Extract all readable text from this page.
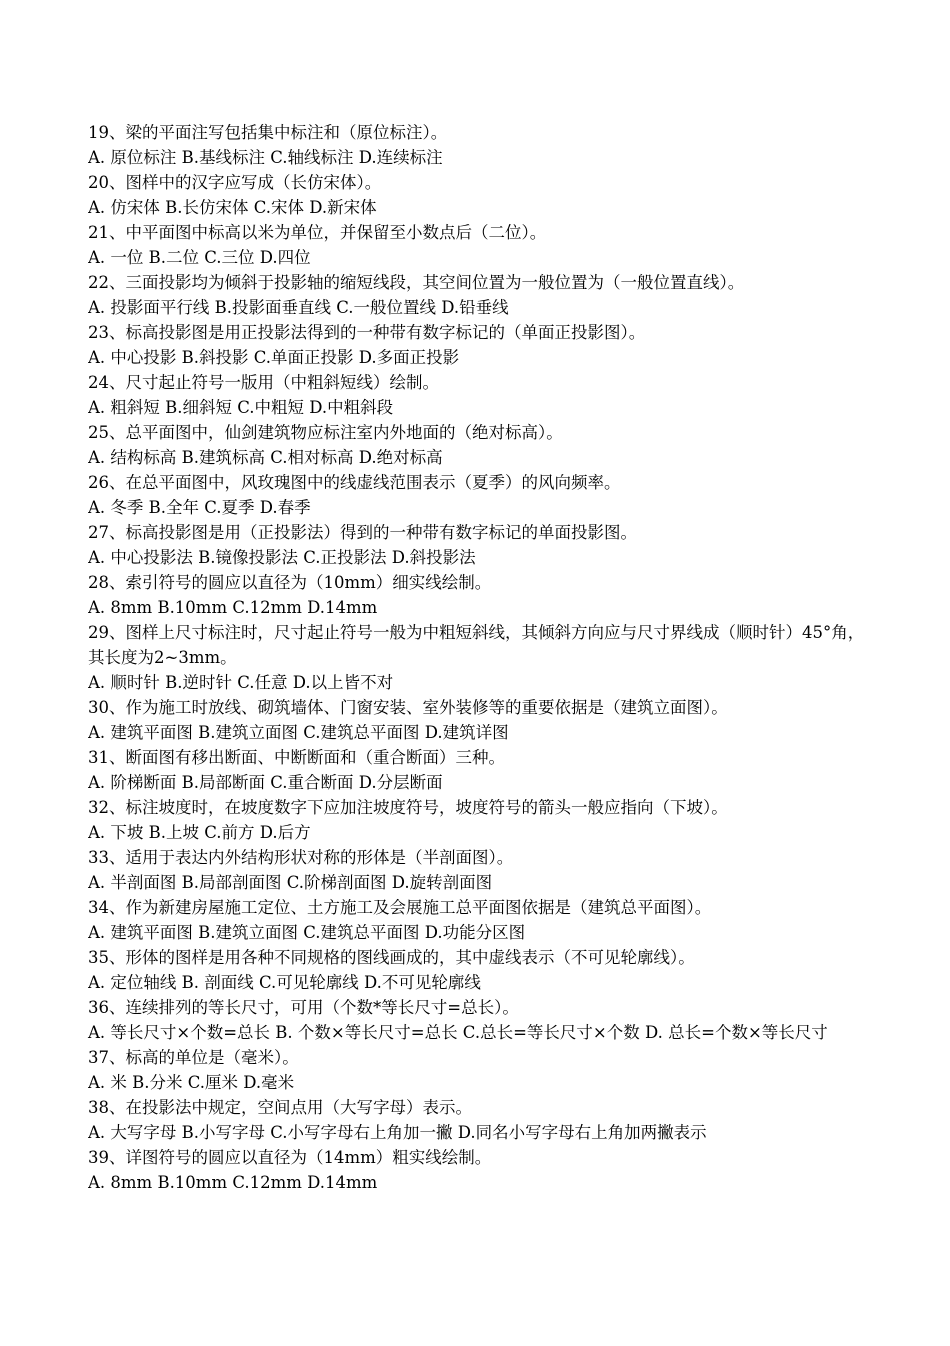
19、梁的平面注写包括集中标注和（原位标注）。
A. 原位标注 B.基线标注 C.轴线标注 D.连续标注
20、图样中的汉字应写成（长仿宋体）。
A. 仿宋体 B.长仿宋体 C.宋体 D.新宋体
21、中平面图中标高以米为单位，并保留至小数点后（二位）。
A. 一位 B.二位 C.三位 D.四位
22、三面投影均为倾斜于投影轴的缩短线段，其空间位置为一般位置为（一般位置直线）。
A. 投影面平行线 B.投影面垂直线 C.一般位置线 D.铅垂线
23、标高投影图是用正投影法得到的一种带有数字标记的（单面正投影图）。
A. 中心投影 B.斜投影 C.单面正投影 D.多面正投影
24、尺寸起止符号一版用（中粗斜短线）绘制。
A. 粗斜短 B.细斜短 C.中粗短 D.中粗斜段
25、总平面图中，仙剑建筑物应标注室内外地面的（绝对标高）。
A. 结构标高 B.建筑标高 C.相对标高 D.绝对标高
26、在总平面图中，风玫瑰图中的线虚线范围表示（夏季）的风向频率。
A. 冬季 B.全年 C.夏季 D.春季
27、标高投影图是用（正投影法）得到的一种带有数字标记的单面投影图。
A. 中心投影法 B.镜像投影法 C.正投影法 D.斜投影法
28、索引符号的圆应以直径为（10mm）细实线绘制。
A. 8mm B.10mm C.12mm D.14mm
29、图样上尺寸标注时，尺寸起止符号一般为中粗短斜线，其倾斜方向应与尺寸界线成（顺时针）45°角，其长度为2~3mm。
A. 顺时针 B.逆时针 C.任意 D.以上皆不对
30、作为施工时放线、砌筑墙体、门窗安装、室外装修等的重要依据是（建筑立面图）。
A. 建筑平面图 B.建筑立面图 C.建筑总平面图 D.建筑详图
31、断面图有移出断面、中断断面和（重合断面）三种。
A. 阶梯断面 B.局部断面 C.重合断面 D.分层断面
32、标注坡度时，在坡度数字下应加注坡度符号，坡度符号的箭头一般应指向（下坡）。
A. 下坡 B.上坡 C.前方 D.后方
33、适用于表达内外结构形状对称的形体是（半剖面图）。
A. 半剖面图 B.局部剖面图 C.阶梯剖面图 D.旋转剖面图
34、作为新建房屋施工定位、土方施工及会展施工总平面图依据是（建筑总平面图）。
A. 建筑平面图 B.建筑立面图 C.建筑总平面图 D.功能分区图
35、形体的图样是用各种不同规格的图线画成的，其中虚线表示（不可见轮廓线）。
A. 定位轴线 B. 剖面线 C.可见轮廓线 D.不可见轮廓线
36、连续排列的等长尺寸，可用（个数*等长尺寸=总长）。
A. 等长尺寸×个数=总长 B. 个数×等长尺寸=总长 C.总长=等长尺寸×个数 D. 总长=个数×等长尺寸
37、标高的单位是（毫米）。
A. 米 B.分米 C.厘米 D.毫米
38、在投影法中规定，空间点用（大写字母）表示。
A. 大写字母 B.小写字母 C.小写字母右上角加一撇 D.同名小写字母右上角加两撇表示
39、详图符号的圆应以直径为（14mm）粗实线绘制。
A. 8mm B.10mm C.12mm D.14mm
